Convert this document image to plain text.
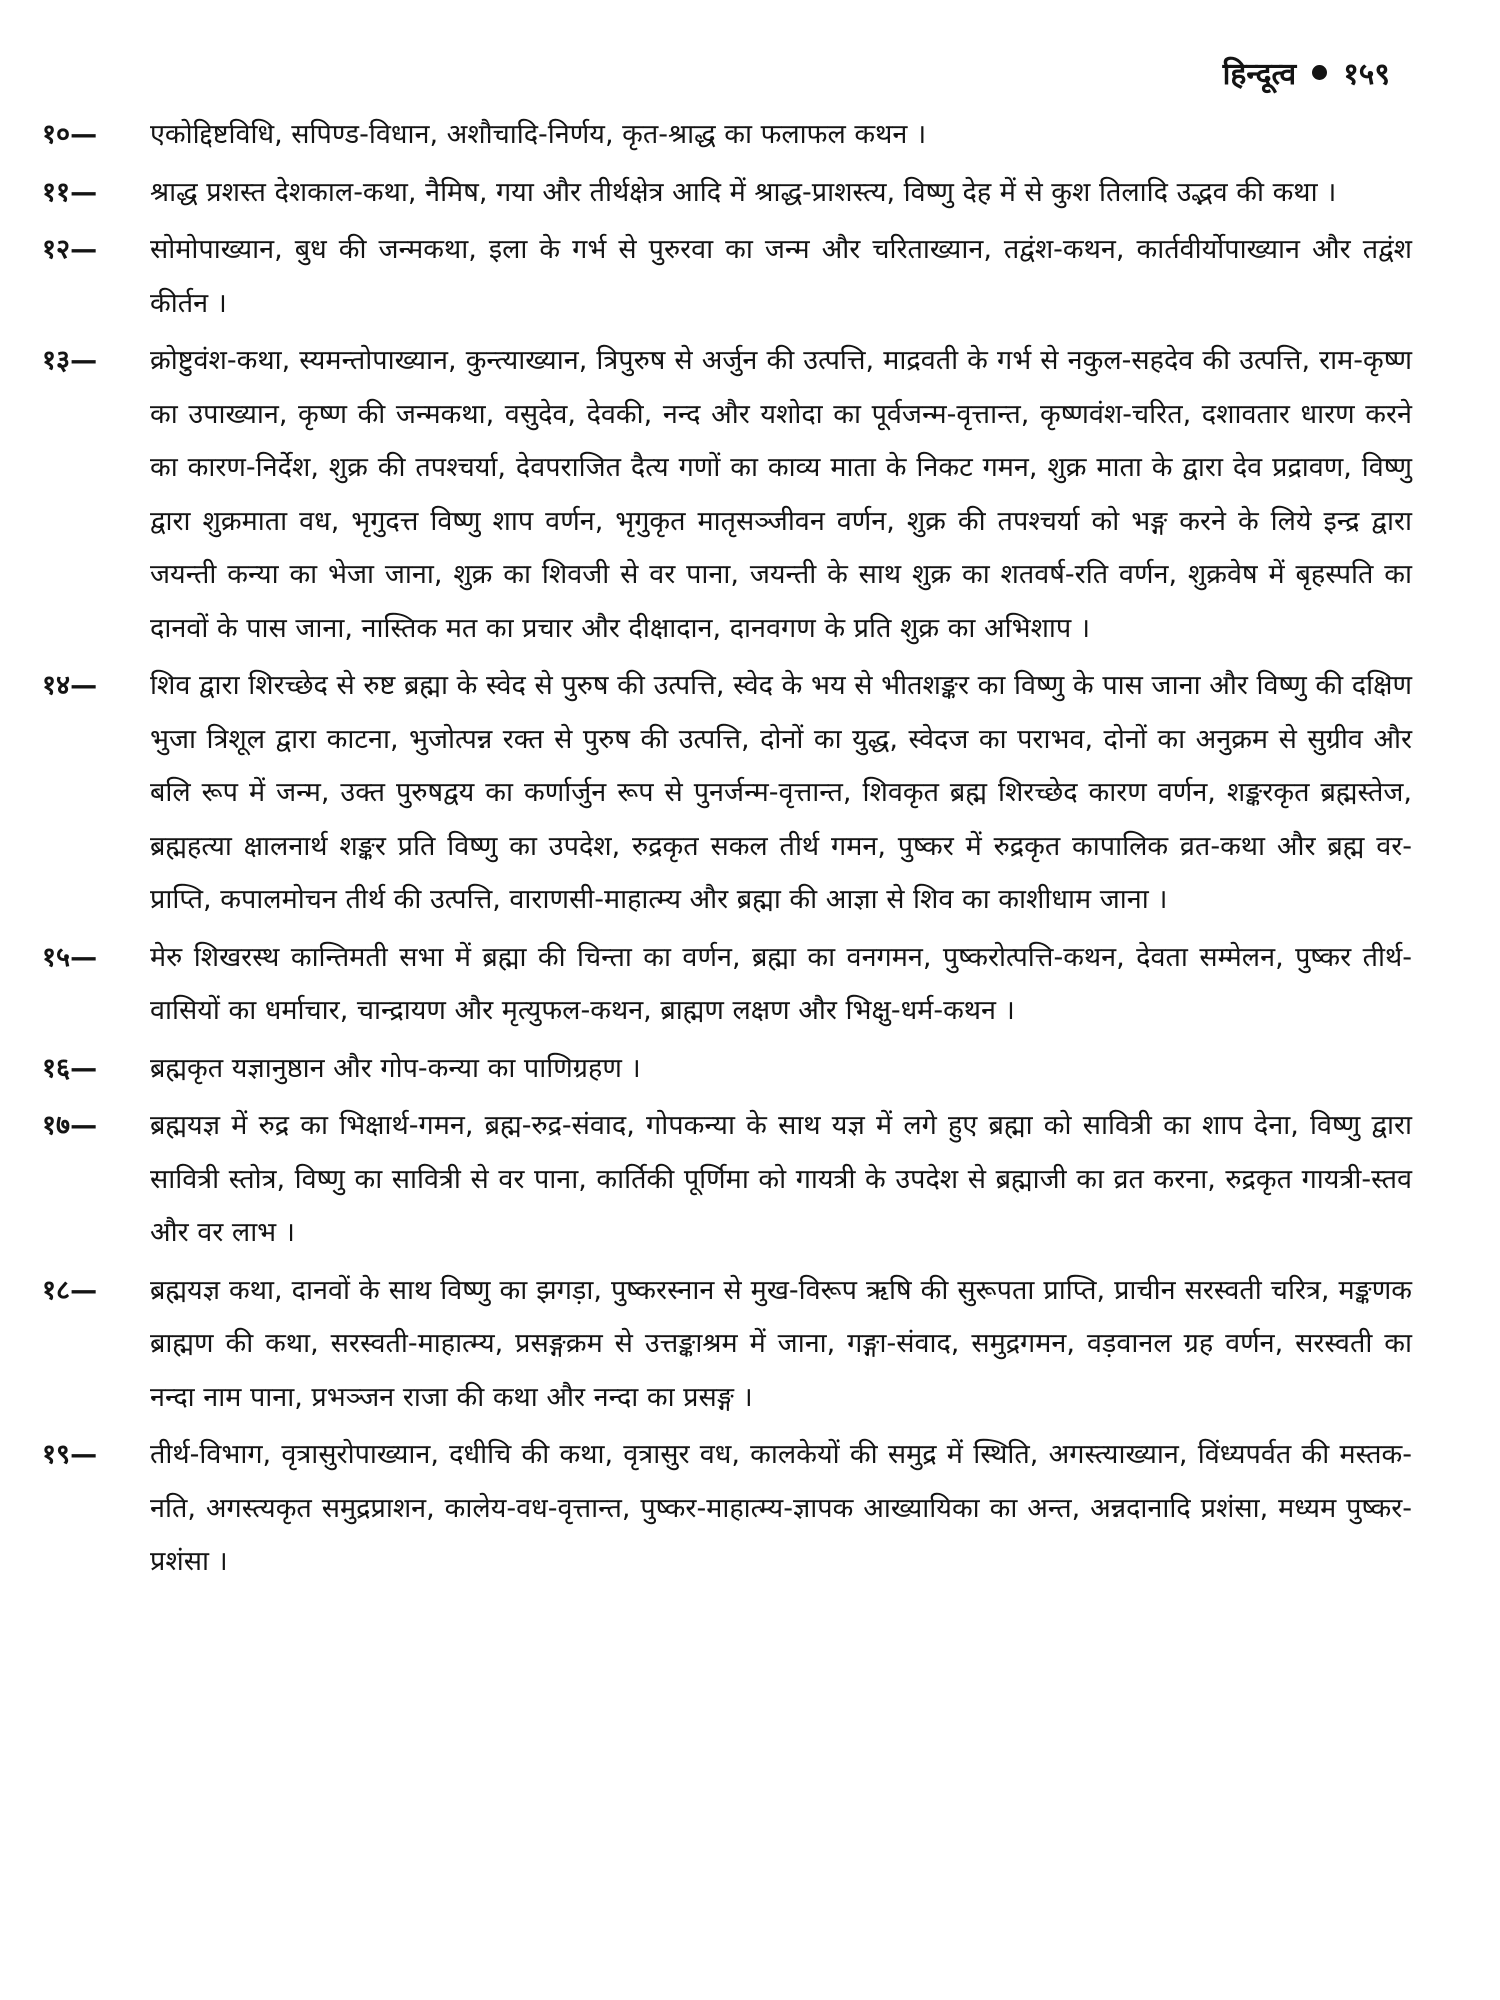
हिन्दूत्व १५९
१०—	एकोद्दिष्टविधि, सपिण्ड-विधान, अशौचादि-निर्णय, कृत-श्राद्ध का फलाफल कथन ।
११—	श्राद्ध प्रशस्त देशकाल-कथा, नैमिष, गया और तीर्थक्षेत्र आदि में श्राद्ध-प्राशस्त्य, विष्णु देह में से कुश तिलादि उद्भव की कथा ।
१२—	सोमोपाख्यान, बुध की जन्मकथा, इला के गर्भ से पुरुरवा का जन्म और चरिताख्यान, तद्वंश-कथन, कार्तवीर्योपाख्यान और तद्वंश कीर्तन ।
१३—	क्रोष्टुवंश-कथा, स्यमन्तोपाख्यान, कुन्त्याख्यान, त्रिपुरुष से अर्जुन की उत्पत्ति, माद्रवती के गर्भ से नकुल-सहदेव की उत्पत्ति, राम-कृष्ण का उपाख्यान, कृष्ण की जन्मकथा, वसुदेव, देवकी, नन्द और यशोदा का पूर्वजन्म-वृत्तान्त, कृष्णवंश-चरित, दशावतार धारण करने का कारण-निर्देश, शुक्र की तपश्चर्या, देवपराजित दैत्य गणों का काव्य माता के निकट गमन, शुक्र माता के द्वारा देव प्रद्रावण, विष्णु द्वारा शुक्रमाता वध, भृगुदत्त विष्णु शाप वर्णन, भृगुकृत मातृसञ्जीवन वर्णन, शुक्र की तपश्चर्या को भङ्ग करने के लिये इन्द्र द्वारा जयन्ती कन्या का भेजा जाना, शुक्र का शिवजी से वर पाना, जयन्ती के साथ शुक्र का शतवर्ष-रति वर्णन, शुक्रवेष में बृहस्पति का दानवों के पास जाना, नास्तिक मत का प्रचार और दीक्षादान, दानवगण के प्रति शुक्र का अभिशाप ।
१४—	शिव द्वारा शिरच्छेद से रुष्ट ब्रह्मा के स्वेद से पुरुष की उत्पत्ति, स्वेद के भय से भीतशङ्कर का विष्णु के पास जाना और विष्णु की दक्षिण भुजा त्रिशूल द्वारा काटना, भुजोत्पन्न रक्त से पुरुष की उत्पत्ति, दोनों का युद्ध, स्वेदज का पराभव, दोनों का अनुक्रम से सुग्रीव और बलि रूप में जन्म, उक्त पुरुषद्वय का कर्णार्जुन रूप से पुनर्जन्म-वृत्तान्त, शिवकृत ब्रह्म शिरच्छेद कारण वर्णन, शङ्करकृत ब्रह्मस्तेज, ब्रह्महत्या क्षालनार्थ शङ्कर प्रति विष्णु का उपदेश, रुद्रकृत सकल तीर्थ गमन, पुष्कर में रुद्रकृत कापालिक व्रत-कथा और ब्रह्म वर-प्राप्ति, कपालमोचन तीर्थ की उत्पत्ति, वाराणसी-माहात्म्य और ब्रह्मा की आज्ञा से शिव का काशीधाम जाना ।
१५—	मेरु शिखरस्थ कान्तिमती सभा में ब्रह्मा की चिन्ता का वर्णन, ब्रह्मा का वनगमन, पुष्करोत्पत्ति-कथन, देवता सम्मेलन, पुष्कर तीर्थ-वासियों का धर्माचार, चान्द्रायण और मृत्युफल-कथन, ब्राह्मण लक्षण और भिक्षु-धर्म-कथन ।
१६—	ब्रह्मकृत यज्ञानुष्ठान और गोप-कन्या का पाणिग्रहण ।
१७—	ब्रह्मयज्ञ में रुद्र का भिक्षार्थ-गमन, ब्रह्म-रुद्र-संवाद, गोपकन्या के साथ यज्ञ में लगे हुए ब्रह्मा को सावित्री का शाप देना, विष्णु द्वारा सावित्री स्तोत्र, विष्णु का सावित्री से वर पाना, कार्तिकी पूर्णिमा को गायत्री के उपदेश से ब्रह्माजी का व्रत करना, रुद्रकृत गायत्री-स्तव और वर लाभ ।
१८—	ब्रह्मयज्ञ कथा, दानवों के साथ विष्णु का झगड़ा, पुष्करस्नान से मुख-विरूप ऋषि की सुरूपता प्राप्ति, प्राचीन सरस्वती चरित्र, मङ्कणक ब्राह्मण की कथा, सरस्वती-माहात्म्य, प्रसङ्गक्रम से उत्तङ्काश्रम में जाना, गङ्गा-संवाद, समुद्रगमन, वड़वानल ग्रह वर्णन, सरस्वती का नन्दा नाम पाना, प्रभञ्जन राजा की कथा और नन्दा का प्रसङ्ग ।
१९—	तीर्थ-विभाग, वृत्रासुरोपाख्यान, दधीचि की कथा, वृत्रासुर वध, कालकेयों की समुद्र में स्थिति, अगस्त्याख्यान, विंध्यपर्वत की मस्तक-नति, अगस्त्यकृत समुद्रप्राशन, कालेय-वध-वृत्तान्त, पुष्कर-माहात्म्य-ज्ञापक आख्यायिका का अन्त, अन्नदानादि प्रशंसा, मध्यम पुष्कर-प्रशंसा ।
